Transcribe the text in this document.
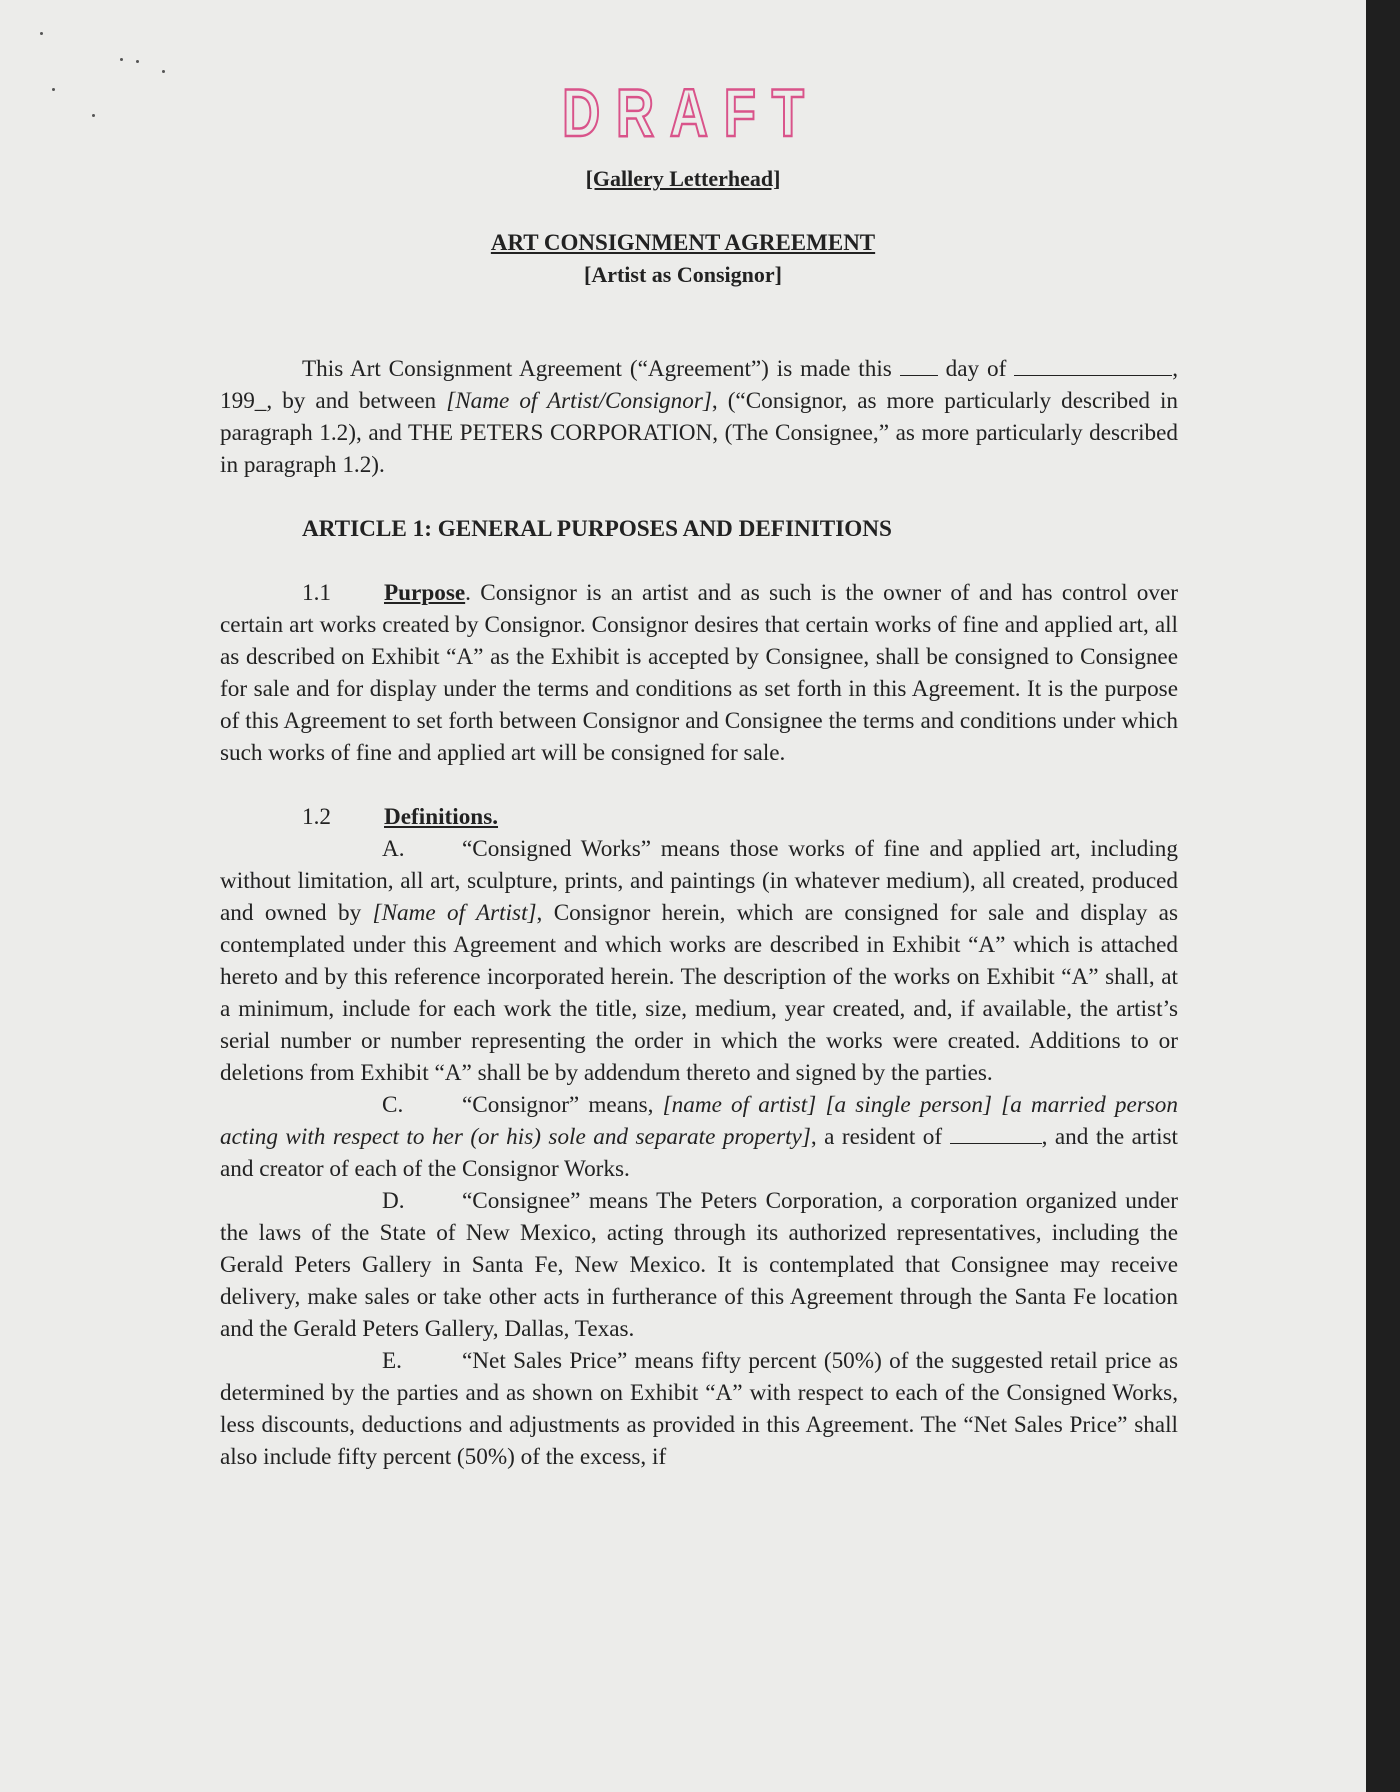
DRAFT
[Gallery Letterhead]
ART CONSIGNMENT AGREEMENT
[Artist as Consignor]

This Art Consignment Agreement (“Agreement”) is made this day of	, 199_, by and between [Name of Artist/Consignor], (“Consignor, as more particularly described in paragraph 1.2), and THE PETERS CORPORATION, (The Consignee,” as more particularly described in paragraph 1.2).

ARTICLE 1: GENERAL PURPOSES AND DEFINITIONS

1.1 Purpose. Consignor is an artist and as such is the owner of and has control over certain art works created by Consignor. Consignor desires that certain works of fine and applied art, all as described on Exhibit “A” as the Exhibit is accepted by Consignee, shall be consigned to Consignee for sale and for display under the terms and conditions as set forth in this Agreement. It is the purpose of this Agreement to set forth between Consignor and Consignee the terms and conditions under which such works of fine and applied art will be consigned for sale.

1.2 Definitions.

A. “Consigned Works” means those works of fine and applied art, including without limitation, all art, sculpture, prints, and paintings (in whatever medium), all created, produced and owned by [Name of Artist], Consignor herein, which are consigned for sale and display as contemplated under this Agreement and which works are described in Exhibit “A” which is attached hereto and by this reference incorporated herein. The description of the works on Exhibit “A” shall, at a minimum, include for each work the title, size, medium, year created, and, if available, the artist’s serial number or number representing the order in which the works were created. Additions to or deletions from Exhibit “A” shall be by addendum thereto and signed by the parties.

C.	“Consignor” means, [name of artist] [a single person] [a married person acting with respect to her (or his) sole and separate property], a resident of	, and the artist and creator of each of the Consignor Works.

D. “Consignee” means The Peters Corporation, a corporation organized under the laws of the State of New Mexico, acting through its authorized representatives, including the Gerald Peters Gallery in Santa Fe, New Mexico. It is contemplated that Consignee may receive delivery, make sales or take other acts in furtherance of this Agreement through the Santa Fe location and the Gerald Peters Gallery, Dallas, Texas.

E.	“Net Sales Price” means fifty percent (50%) of the suggested retail price as determined by the parties and as shown on Exhibit “A” with respect to each of the Consigned Works, less discounts, deductions and adjustments as provided in this Agreement. The “Net Sales Price” shall also include fifty percent (50%) of the excess, if
